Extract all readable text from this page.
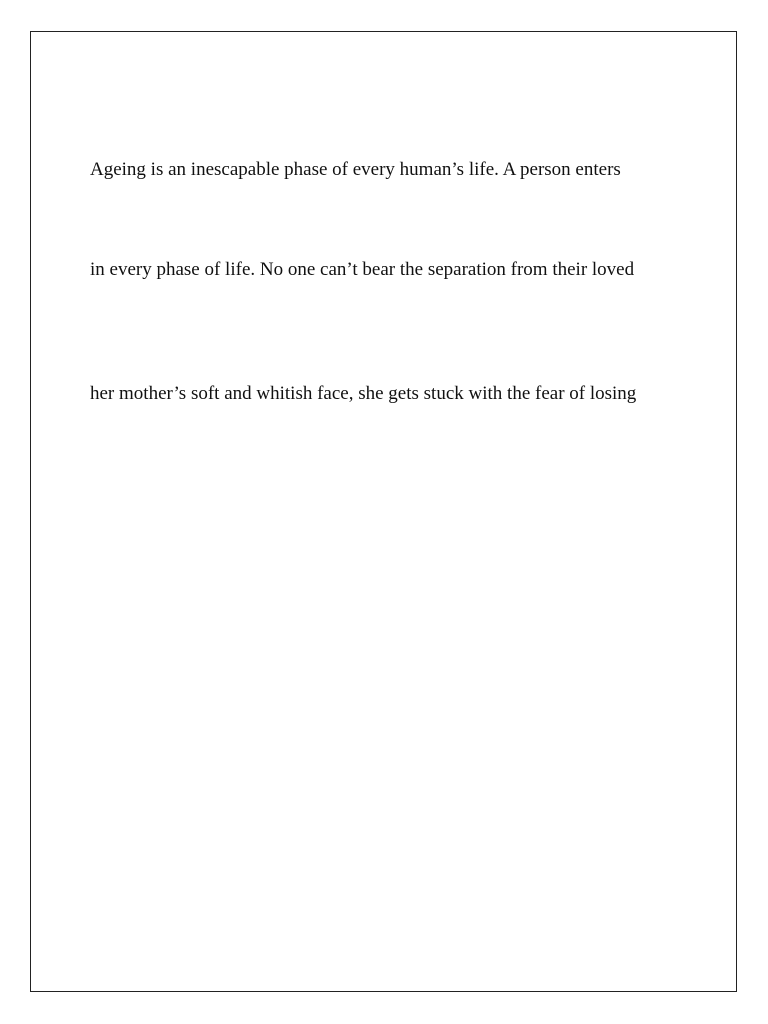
Ageing is an inescapable phase of every human’s life. A person enters
in every phase of life. No one can’t bear the separation from their loved
her mother’s soft and whitish face, she gets stuck with the fear of losing
